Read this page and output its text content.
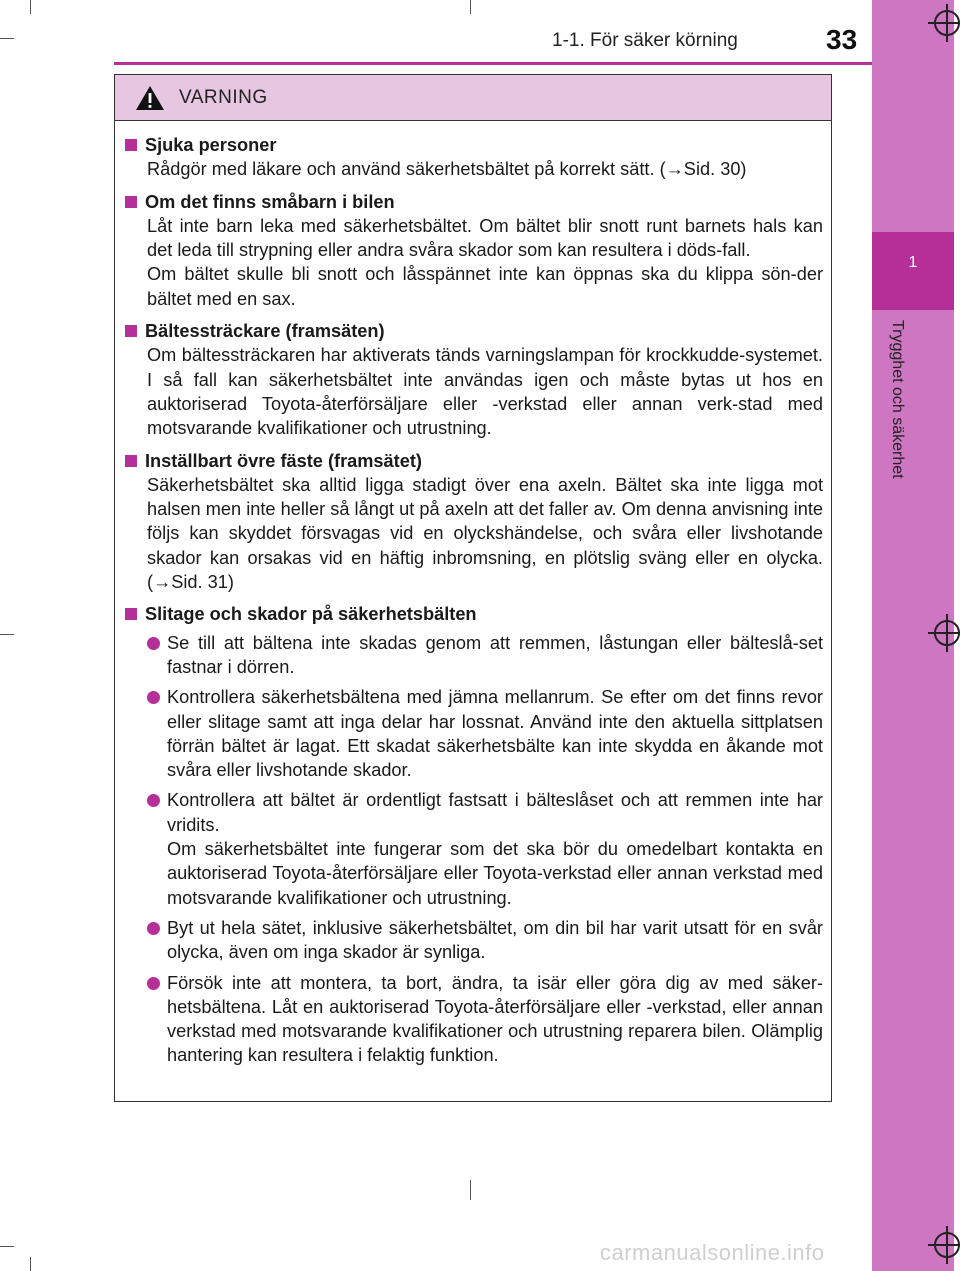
1
Trygghet och säkerhet
1-1. För säker körning	33
VARNING
Sjuka personer
Rådgör med läkare och använd säkerhetsbältet på korrekt sätt. (→Sid. 30)
Om det finns småbarn i bilen
Låt inte barn leka med säkerhetsbältet. Om bältet blir snott runt barnets hals kan det leda till strypning eller andra svåra skador som kan resultera i döds-fall.
Om bältet skulle bli snott och låsspännet inte kan öppnas ska du klippa sön-der bältet med en sax.
Bältessträckare (framsäten)
Om bältessträckaren har aktiverats tänds varningslampan för krockkudde-systemet. I så fall kan säkerhetsbältet inte användas igen och måste bytas ut hos en auktoriserad Toyota-återförsäljare eller -verkstad eller annan verk-stad med motsvarande kvalifikationer och utrustning.
Inställbart övre fäste (framsätet)
Säkerhetsbältet ska alltid ligga stadigt över ena axeln. Bältet ska inte ligga mot halsen men inte heller så långt ut på axeln att det faller av. Om denna anvisning inte följs kan skyddet försvagas vid en olyckshändelse, och svåra eller livshotande skador kan orsakas vid en häftig inbromsning, en plötslig sväng eller en olycka. (→Sid. 31)
Slitage och skador på säkerhetsbälten
Se till att bältena inte skadas genom att remmen, låstungan eller bälteslå-set fastnar i dörren.
Kontrollera säkerhetsbältena med jämna mellanrum. Se efter om det finns revor eller slitage samt att inga delar har lossnat. Använd inte den aktuella sittplatsen förrän bältet är lagat. Ett skadat säkerhetsbälte kan inte skydda en åkande mot svåra eller livshotande skador.
Kontrollera att bältet är ordentligt fastsatt i bälteslåset och att remmen inte har vridits.
Om säkerhetsbältet inte fungerar som det ska bör du omedelbart kontakta en auktoriserad Toyota-återförsäljare eller Toyota-verkstad eller annan verkstad med motsvarande kvalifikationer och utrustning.
Byt ut hela sätet, inklusive säkerhetsbältet, om din bil har varit utsatt för en svår olycka, även om inga skador är synliga.
Försök inte att montera, ta bort, ändra, ta isär eller göra dig av med säker-hetsbältena. Låt en auktoriserad Toyota-återförsäljare eller -verkstad, eller annan verkstad med motsvarande kvalifikationer och utrustning reparera bilen. Olämplig hantering kan resultera i felaktig funktion.
carmanualsonline.info
